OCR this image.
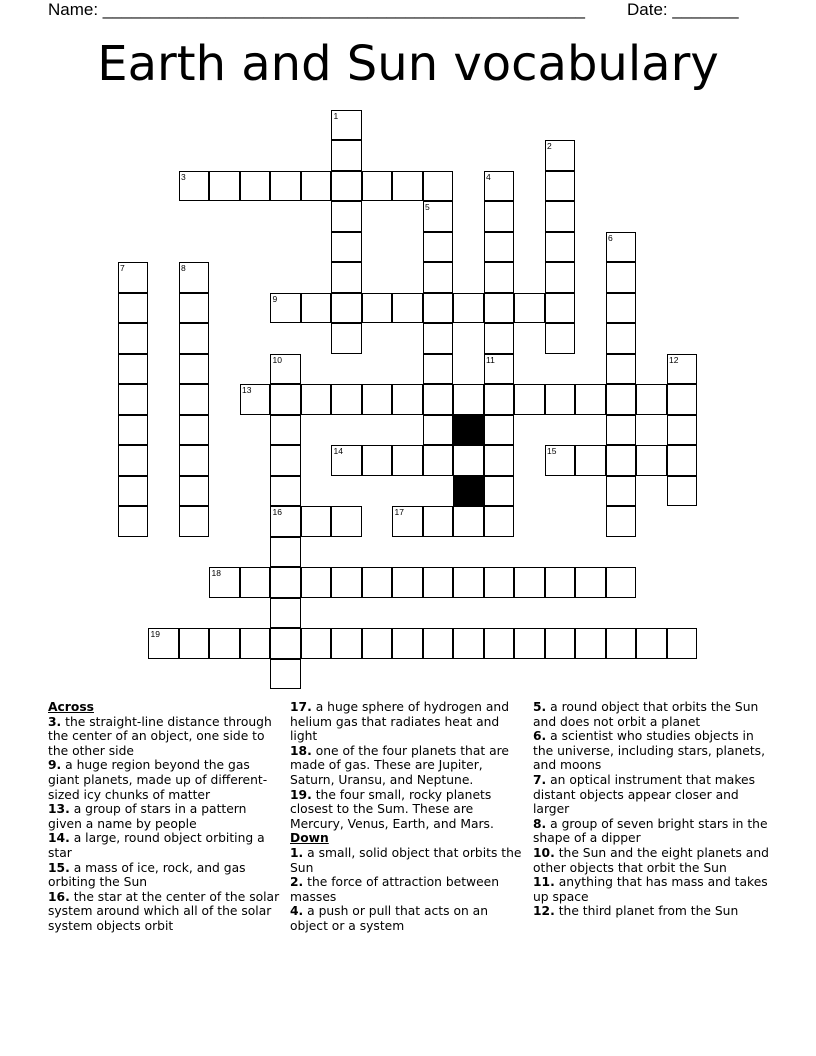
Name: ___________________________________________________ Date: _______
Earth and Sun vocabulary
1
2
3	4
11
5
6
7	8
9
10
16
12
13
14	15
17
18
19
Across
3. the straight-line distance through the center of an object, one side to the other side
9. a huge region beyond the gas giant planets, made up of different-sized icy chunks of matter
13. a group of stars in a pattern given a name by people
14. a large, round object orbiting a star
15. a mass of ice, rock, and gas orbiting the Sun
16. the star at the center of the solar system around which all of the solar system objects orbit
17. a huge sphere of hydrogen and helium gas that radiates heat and light
18. one of the four planets that are made of gas. These are Jupiter, Saturn, Uransu, and Neptune.
19. the four small, rocky planets closest to the Sum. These are Mercury, Venus, Earth, and Mars.
Down
1. a small, solid object that orbits the Sun
2. the force of attraction between masses
4. a push or pull that acts on an object or a system
5. a round object that orbits the Sun and does not orbit a planet
6. a scientist who studies objects in the universe, including stars, planets, and moons
7. an optical instrument that makes distant objects appear closer and larger
8. a group of seven bright stars in the shape of a dipper
10. the Sun and the eight planets and other objects that orbit the Sun
11. anything that has mass and takes up space
12. the third planet from the Sun
